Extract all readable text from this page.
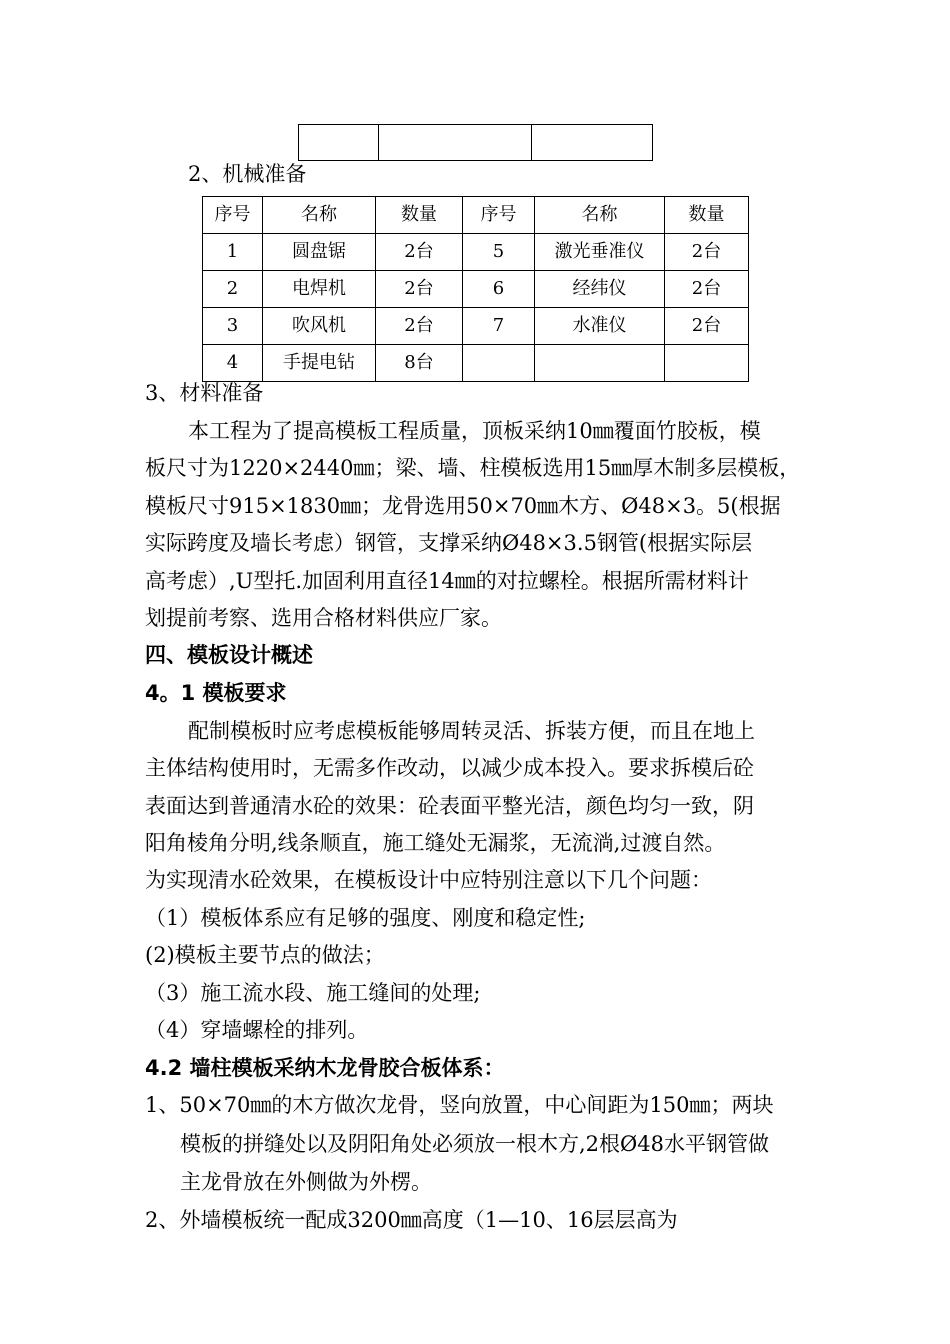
2、机械准备
序号	名称	数量	序号	名称	数量
1	圆盘锯	2台	5	激光垂准仪	2台
2	电焊机	2台	6	经纬仪	2台
3	吹风机	2台	7	水准仪	2台
4	手提电钻	8台			
3、材料准备
本工程为了提高模板工程质量，顶板采纳10㎜覆面竹胶板，模
板尺寸为1220×2440㎜；梁、墙、柱模板选用15㎜厚木制多层模板，
模板尺寸915×1830㎜；龙骨选用50×70㎜木方、Ø48×3。5(根据
实际跨度及墙长考虑）钢管，支撑采纳Ø48×3.5钢管(根据实际层
高考虑）,U型托.加固利用直径14㎜的对拉螺栓。根据所需材料计
划提前考察、选用合格材料供应厂家。
四、模板设计概述
4。1 模板要求
配制模板时应考虑模板能够周转灵活、拆装方便，而且在地上
主体结构使用时，无需多作改动，以减少成本投入。要求拆模后砼
表面达到普通清水砼的效果：砼表面平整光洁，颜色均匀一致，阴
阳角棱角分明,线条顺直，施工缝处无漏浆，无流淌,过渡自然。
为实现清水砼效果，在模板设计中应特别注意以下几个问题：
（1）模板体系应有足够的强度、刚度和稳定性;
(2)模板主要节点的做法；
（3）施工流水段、施工缝间的处理;
（4）穿墙螺栓的排列。
4.2 墙柱模板采纳木龙骨胶合板体系：
1、50×70㎜的木方做次龙骨，竖向放置，中心间距为150㎜；两块
模板的拼缝处以及阴阳角处必须放一根木方,2根Ø48水平钢管做
主龙骨放在外侧做为外楞。
2、外墙模板统一配成3200㎜高度（1—10、16层层高为
